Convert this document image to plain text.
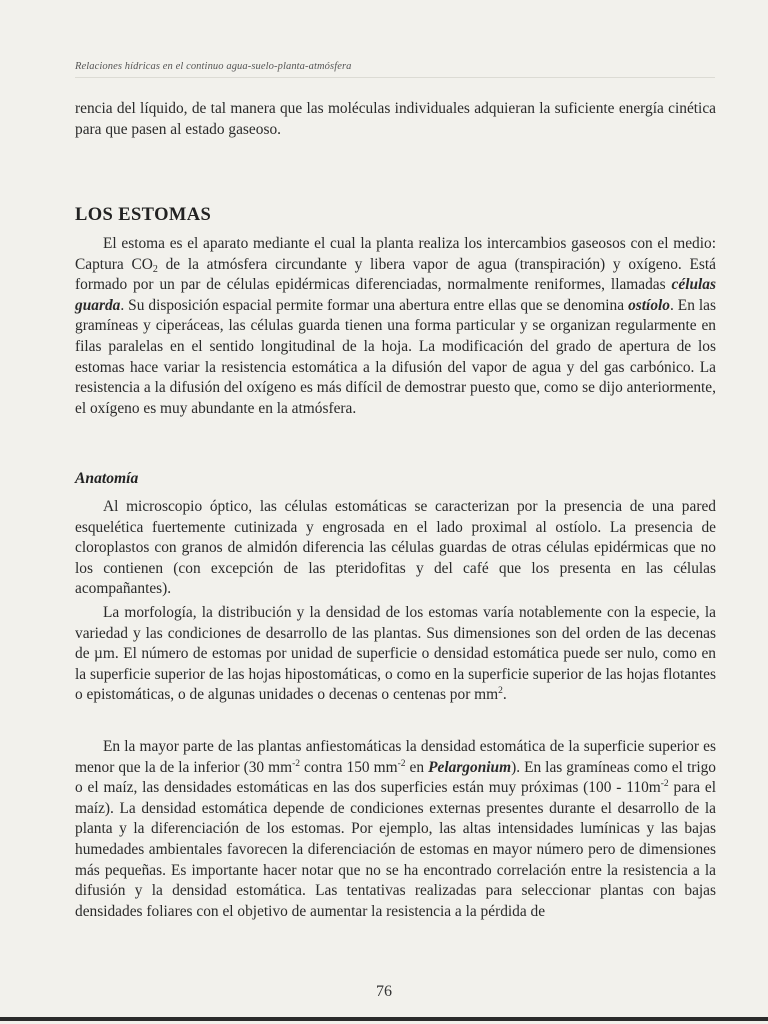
Relaciones hídricas en el continuo agua-suelo-planta-atmósfera

rencia del líquido, de tal manera que las moléculas individuales adquieran la suficiente energía cinética para que pasen al estado gaseoso.

LOS ESTOMAS

El estoma es el aparato mediante el cual la planta realiza los intercambios gaseosos con el medio: Captura $CO_2$ de la atmósfera circundante y libera vapor de agua (transpiración) y oxígeno. Está formado por un par de células epidérmicas diferenciadas, normalmente reniformes, llamadas células guarda. Su disposición espacial permite formar una abertura entre ellas que se denomina ostíolo. En las gramíneas y ciperáceas, las células guarda tienen una forma particular y se organizan regularmente en filas paralelas en el sentido longitudinal de la hoja. La modificación del grado de apertura de los estomas hace variar la resistencia estomática a la difusión del vapor de agua y del gas carbónico. La resistencia a la difusión del oxígeno es más difícil de demostrar puesto que, como se dijo anteriormente, el oxígeno es muy abundante en la atmósfera.

Anatomía

Al microscopio óptico, las células estomáticas se caracterizan por la presencia de una pared esquelética fuertemente cutinizada y engrosada en el lado proximal al ostíolo. La presencia de cloroplastos con granos de almidón diferencia las células guardas de otras células epidérmicas que no los contienen (con excepción de las pteridofitas y del café que los presenta en las células acompañantes).

La morfología, la distribución y la densidad de los estomas varía notablemente con la especie, la variedad y las condiciones de desarrollo de las plantas. Sus dimensiones son del orden de las decenas de µm. El número de estomas por unidad de superficie o densidad estomática puede ser nulo, como en la superficie superior de las hojas hipostomáticas, o como en la superficie superior de las hojas flotantes o epistomáticas, o de algunas unidades o decenas o centenas por $mm^2$.

En la mayor parte de las plantas anfiestomáticas la densidad estomática de la superficie superior es menor que la de la inferior (30 $mm^{-2}$ contra 150 $mm^{-2}$ en Pelargonium). En las gramíneas como el trigo o el maíz, las densidades estomáticas en las dos superficies están muy próximas ($100 - 110m^{-2}$ para el maíz). La densidad estomática depende de condiciones externas presentes durante el desarrollo de la planta y la diferenciación de los estomas. Por ejemplo, las altas intensidades lumínicas y las bajas humedades ambientales favorecen la diferenciación de estomas en mayor número pero de dimensiones más pequeñas. Es importante hacer notar que no se ha encontrado correlación entre la resistencia a la difusión y la densidad estomática. Las tentativas realizadas para seleccionar plantas con bajas densidades foliares con el objetivo de aumentar la resistencia a la pérdida de

76
